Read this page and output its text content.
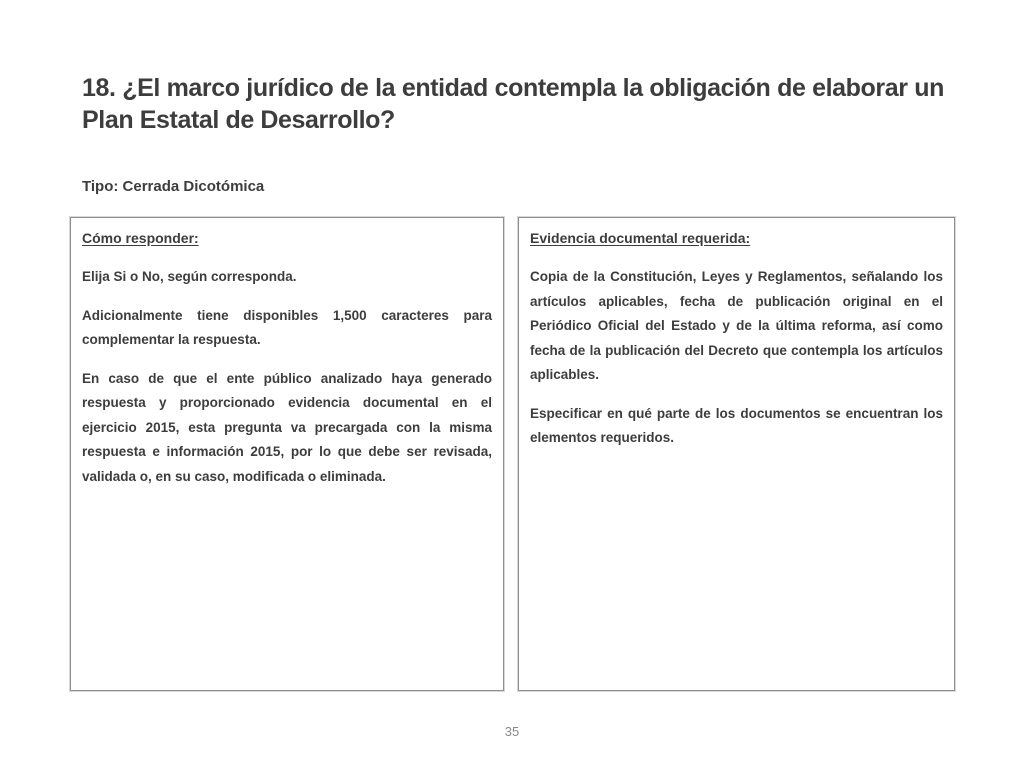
18. ¿El marco jurídico de la entidad contempla la obligación de elaborar un Plan Estatal de Desarrollo?

Tipo: Cerrada Dicotómica

Cómo responder:

Elija Si o No, según corresponda.

Adicionalmente tiene disponibles 1,500 caracteres para complementar la respuesta.

En caso de que el ente público analizado haya generado respuesta y proporcionado evidencia documental en el ejercicio 2015, esta pregunta va precargada con la misma respuesta e información 2015, por lo que debe ser revisada, validada o, en su caso, modificada o eliminada.

Evidencia documental requerida:

Copia de la Constitución, Leyes y Reglamentos, señalando los artículos aplicables, fecha de publicación original en el Periódico Oficial del Estado y de la última reforma, así como fecha de la publicación del Decreto que contempla los artículos aplicables.

Especificar en qué parte de los documentos se encuentran los elementos requeridos.

35
